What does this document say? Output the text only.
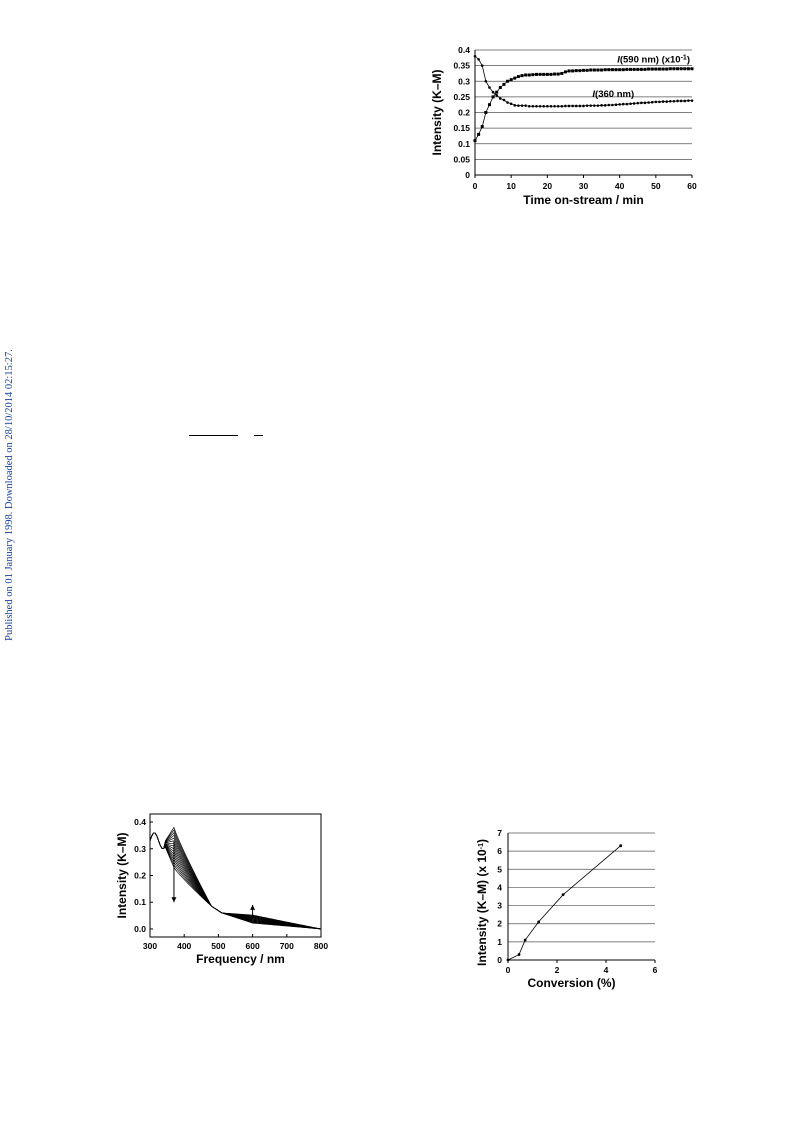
Published on 01 January 1998. Downloaded on 28/10/2014 02:15:27.
0
0.05
0.1
0.15
0.2
0.25
0.3
0.35
0.4
0	10	20	30	40	50	60
I(590 nm) $(x10^{-1})$
I(360 nm)
Time on-stream / min
Intensity (K–M)
0.0
0.1
0.2
0.3
0.4
300 400 500 600 700 800
Frequency / nm
Intensity (K–M)
0
1
2
3
4
5
6
7
0	2	4	6
Conversion (%)
Intensity (K–M) (x $10^{-1}$)
